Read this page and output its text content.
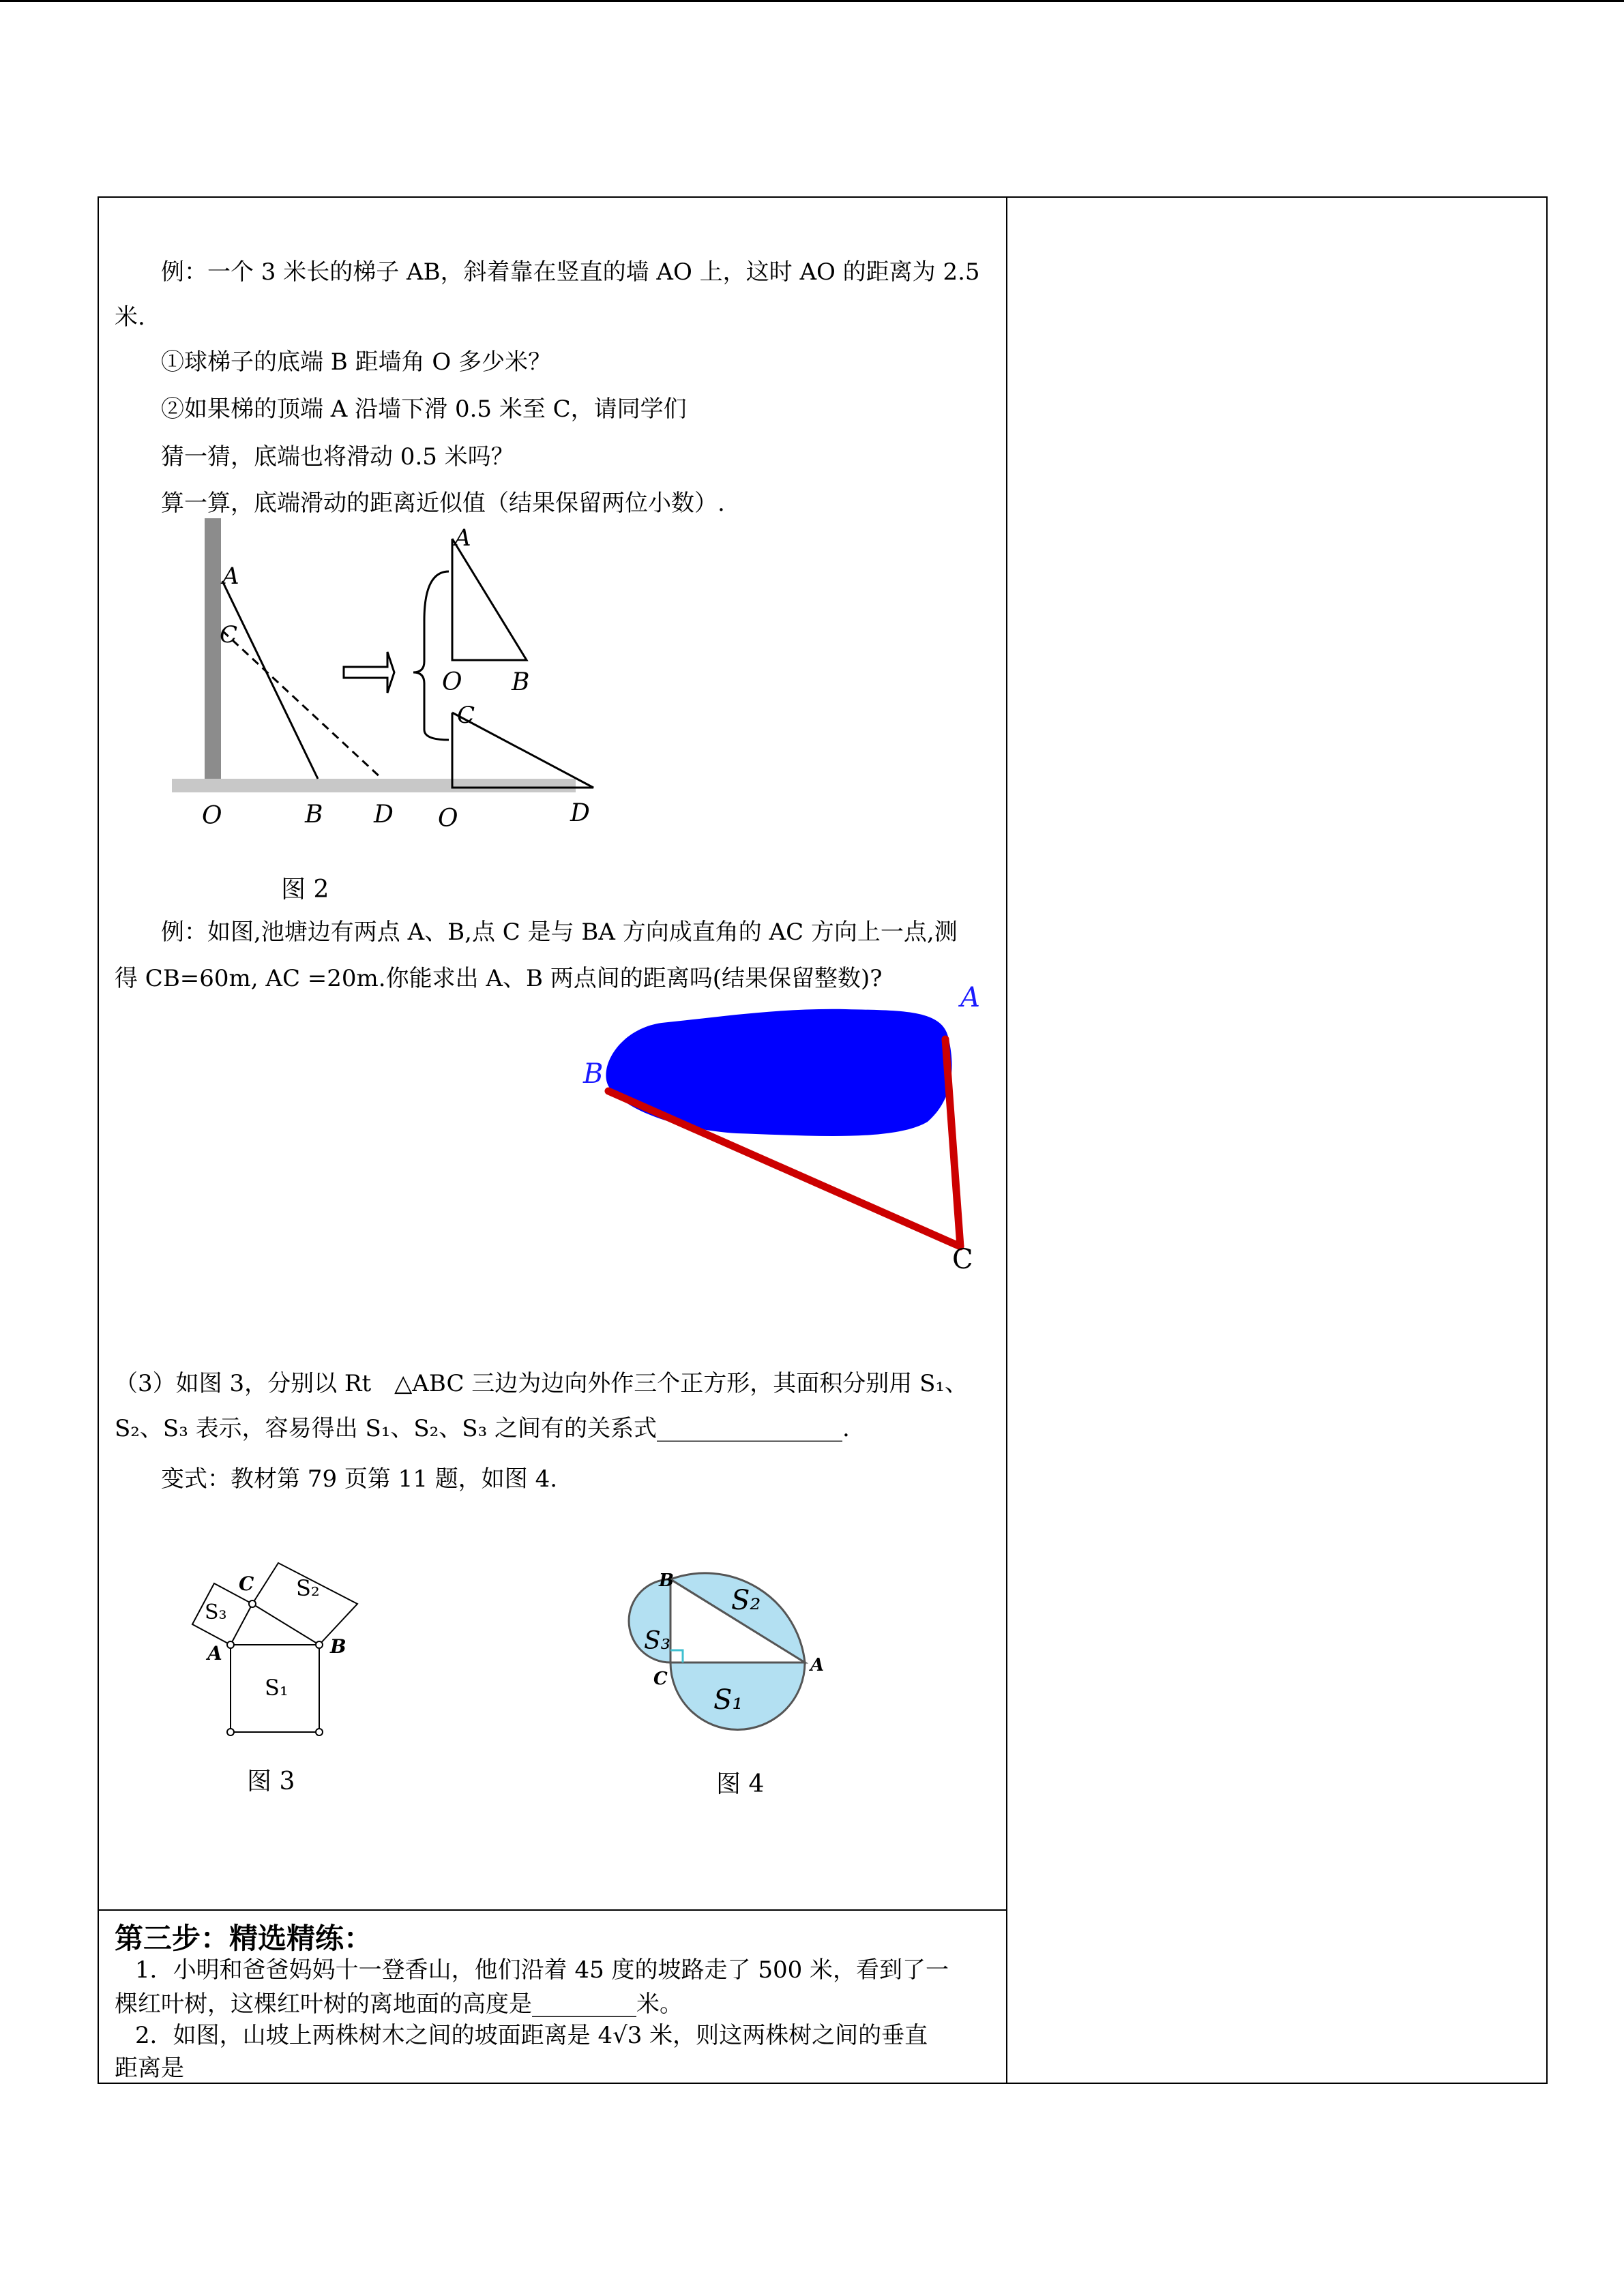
例：一个 3 米长的梯子 AB，斜着靠在竖直的墙 AO 上，这时 AO 的距离为 2.5
米.
①球梯子的底端 B 距墙角 O 多少米？
②如果梯的顶端 A 沿墙下滑 0.5 米至 C，请同学们
猜一猜，底端也将滑动 0.5 米吗？
算一算，底端滑动的距离近似值（结果保留两位小数）.
A
C
O	B D
A
O B
C
O	D
图 2
例：如图,池塘边有两点 A、B,点 C 是与 BA 方向成直角的 AC 方向上一点,测
得 CB=60m, AC =20m.你能求出 A、B 两点间的距离吗(结果保留整数)?
A
B
C
（3）如图 3，分别以 Rt　△ABC 三边为边向外作三个正方形，其面积分别用 S₁、
S₂、S₃ 表示，容易得出 S₁、S₂、S₃ 之间有的关系式________________.
变式：教材第 79 页第 11 题，如图 4.
S₁
S₂
S₃
A	B
C
图 3
S₂
S₁
S₃
B
C
A
图 4
第三步：精选精练：
1．小明和爸爸妈妈十一登香山，他们沿着 45 度的坡路走了 500 米，看到了一
棵红叶树，这棵红叶树的离地面的高度是_________米。
2．如图，山坡上两株树木之间的坡面距离是 4√3 米，则这两株树之间的垂直
距离是
